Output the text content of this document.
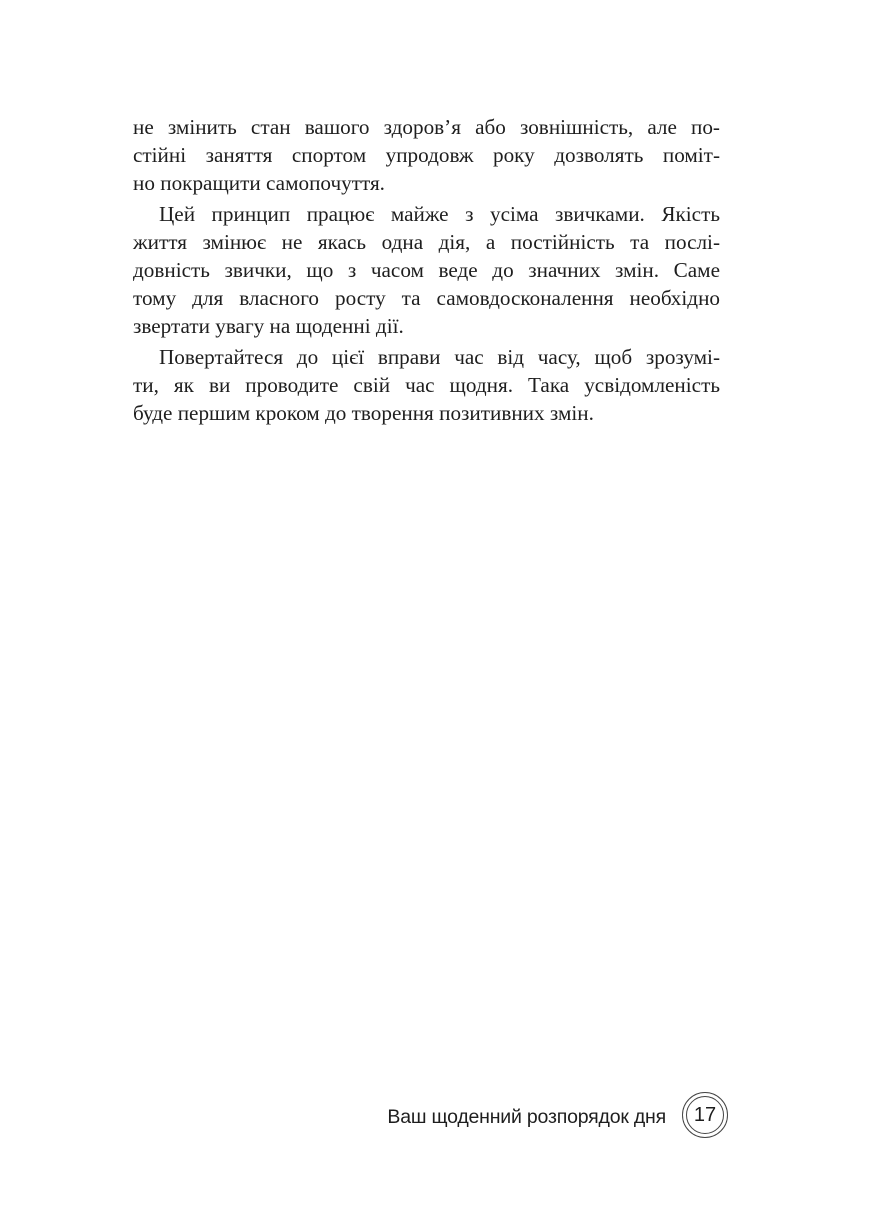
не змінить стан вашого здоров’я або зовнішність, але по-
стійні заняття спортом упродовж року дозволять поміт-
но покращити самопочуття.

Цей принцип працює майже з усіма звичками. Якість
життя змінює не якась одна дія, а постійність та послі-
довність звички, що з часом веде до значних змін. Саме
тому для власного росту та самовдосконалення необхідно
звертати увагу на щоденні дії.

Повертайтеся до цієї вправи час від часу, щоб зрозумі-
ти, як ви проводите свій час щодня. Така усвідомленість
буде першим кроком до творення позитивних змін.

Ваш щоденний розпорядок дня	17
